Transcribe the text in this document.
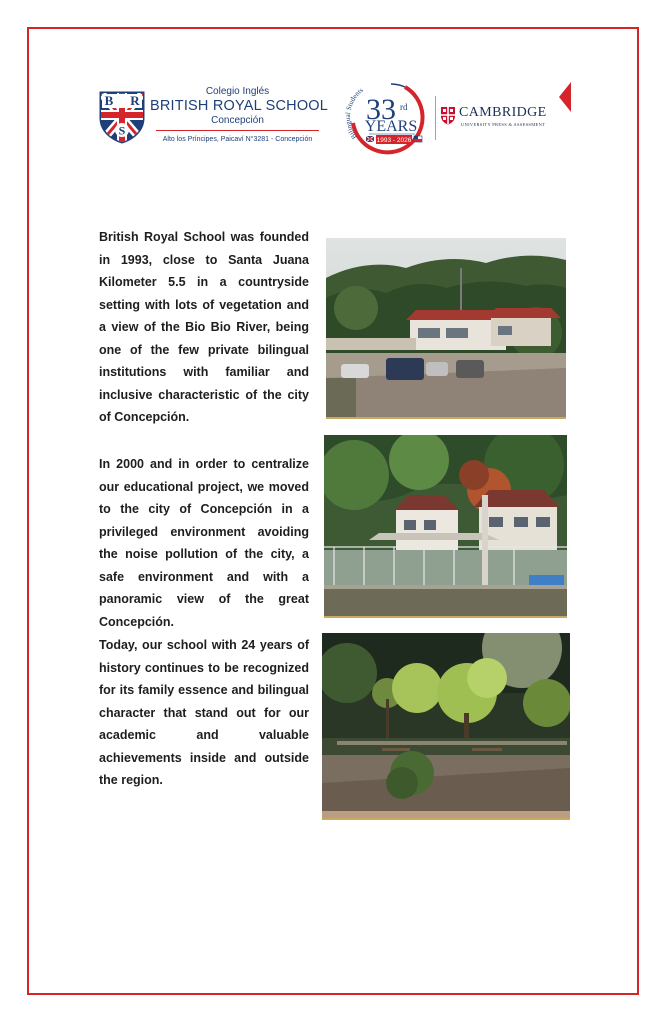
B R
S
Colegio Inglés
BRITISH ROYAL SCHOOL
Concepción
Alto los Príncipes, Paicaví N°3281 - Concepción	Bilingual Students
33 rd
YEARS
1993 - 2026
CAMBRIDGE
UNIVERSITY PRESS & ASSESSMENT

British Royal School was founded in 1993, close to Santa Juana Kilometer 5.5 in a countryside setting with lots of vegetation and a view of the Bio Bio River, being one of the few private bilingual institutions with familiar and inclusive characteristic of the city of Concepción.

In 2000 and in order to centralize our educational project, we moved to the city of Concepción in a privileged environment avoiding the noise pollution of the city, a safe environment and with a panoramic view of the great Concepción.

Today, our school with 24 years of history continues to be recognized for its family essence and bilingual character that stand out for our academic and valuable achievements inside and outside the region.
